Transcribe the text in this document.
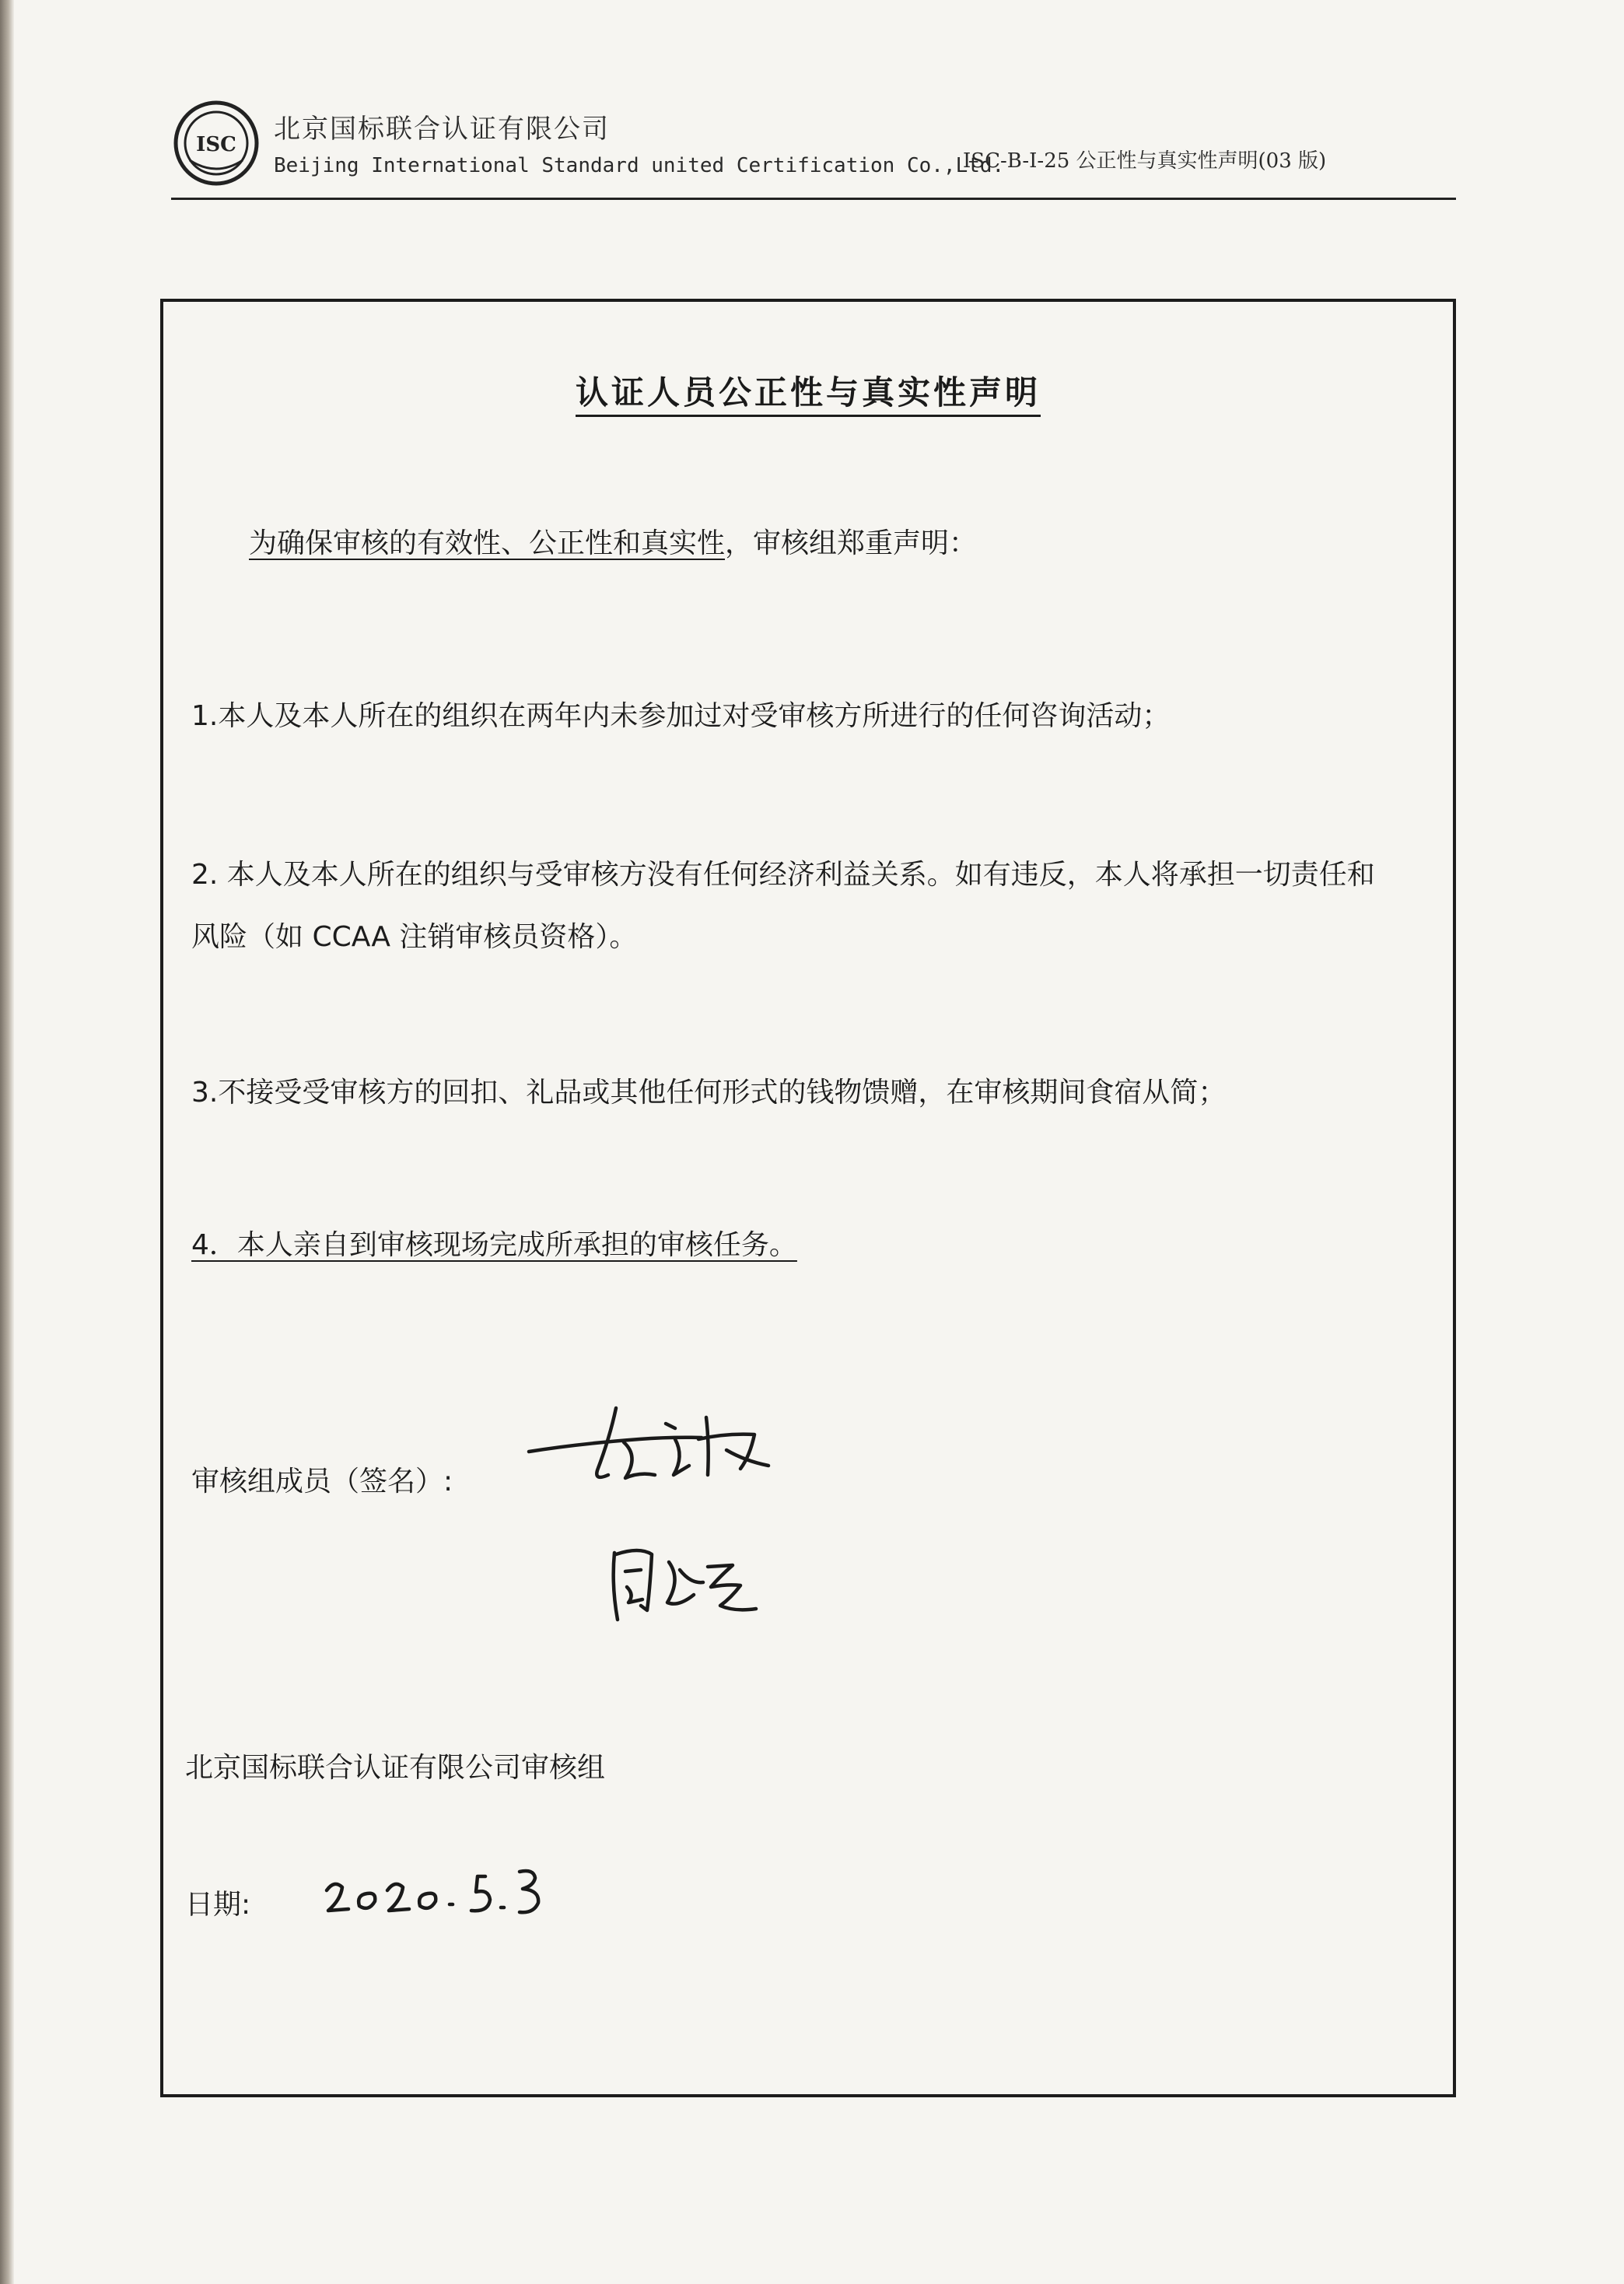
ISC 北京国标联合认证有限公司
Beijing International Standard united Certification Co.,Ltd.
ISC-B-I-25 公正性与真实性声明(03 版)
认证人员公正性与真实性声明
为确保审核的有效性、公正性和真实性，审核组郑重声明：
1.本人及本人所在的组织在两年内未参加过对受审核方所进行的任何咨询活动；
2. 本人及本人所在的组织与受审核方没有任何经济利益关系。如有违反，本人将承担一切责任和
风险（如 CCAA 注销审核员资格）。
3.不接受受审核方的回扣、礼品或其他任何形式的钱物馈赠，在审核期间食宿从简；
4．本人亲自到审核现场完成所承担的审核任务。
审核组成员（签名）:
北京国标联合认证有限公司审核组
日期:
